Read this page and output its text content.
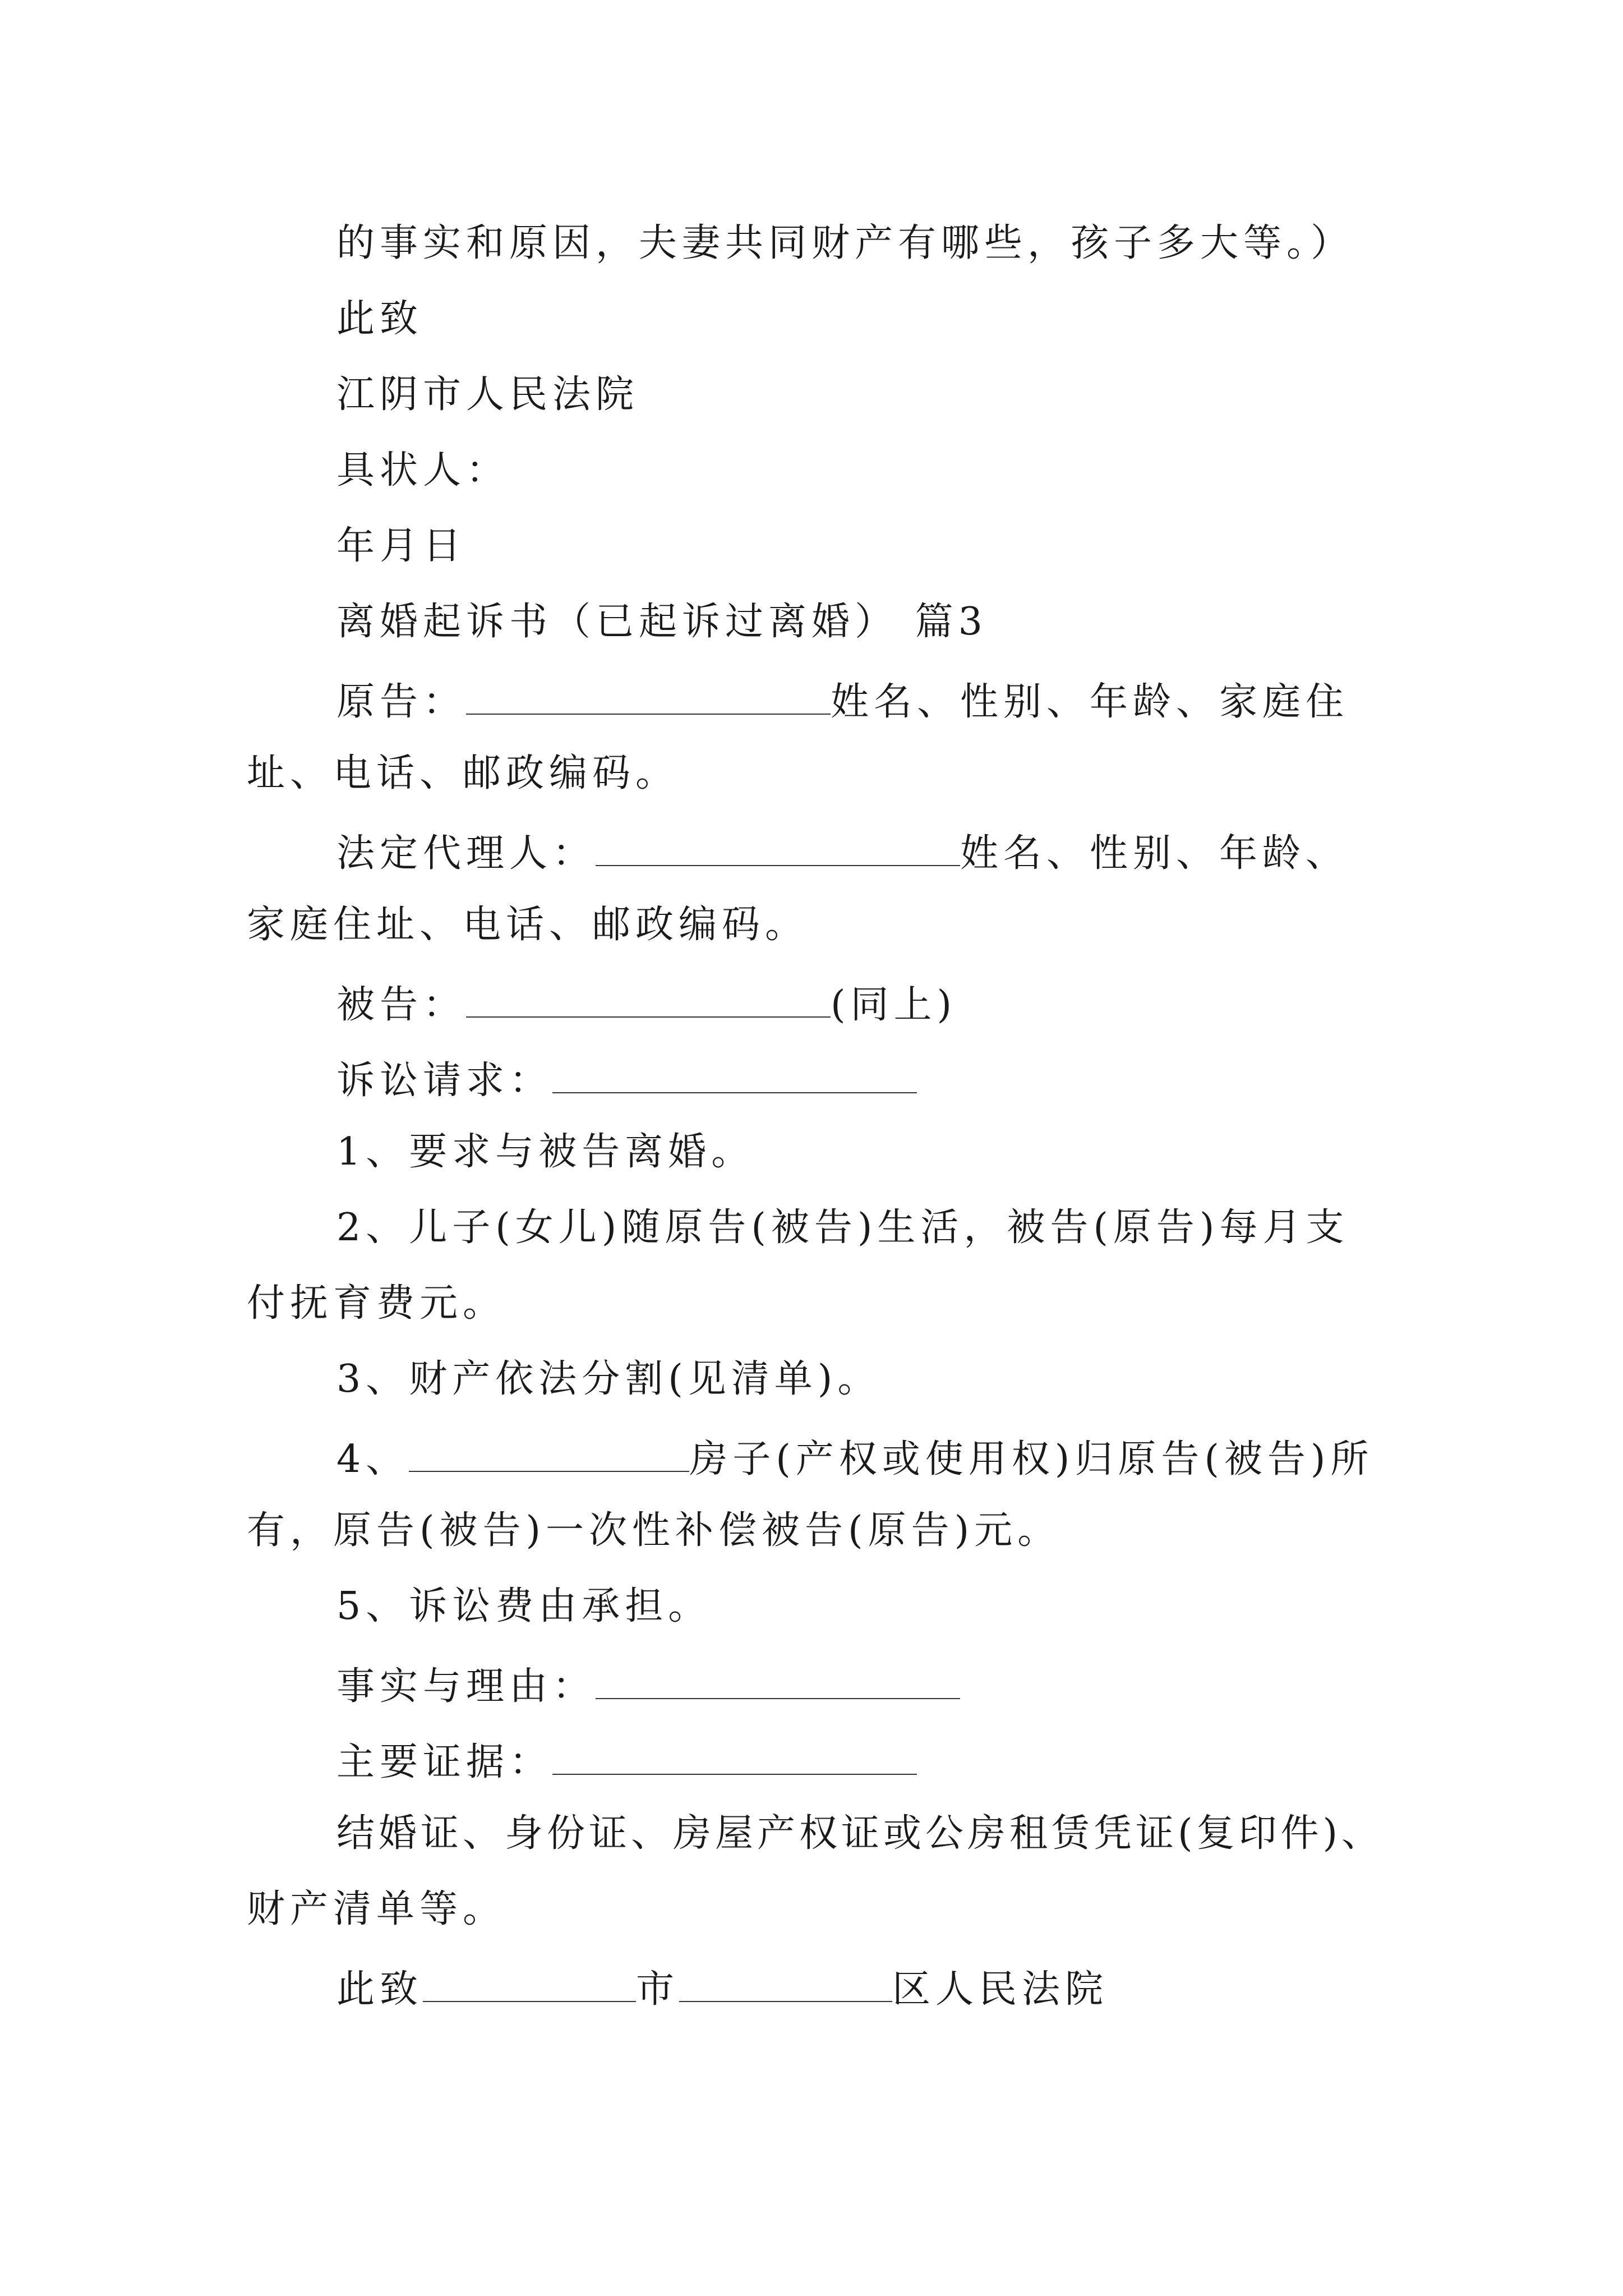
的事实和原因，夫妻共同财产有哪些，孩子多大等。）
此致
江阴市人民法院
具状人：
年月日
离婚起诉书（已起诉过离婚） 篇3
原告：	姓名、性别、年龄、家庭住
址、电话、邮政编码。
法定代理人：	姓名、性别、年龄、
家庭住址、电话、邮政编码。
被告：	(同上)
诉讼请求：
1、要求与被告离婚。
2、儿子(女儿)随原告(被告)生活，被告(原告)每月支
付抚育费元。
3、财产依法分割(见清单)。
4、	房子(产权或使用权)归原告(被告)所
有，原告(被告)一次性补偿被告(原告)元。
5、诉讼费由承担。
事实与理由：
主要证据：
结婚证、身份证、房屋产权证或公房租赁凭证(复印件)、
财产清单等。
此致	市	区人民法院
